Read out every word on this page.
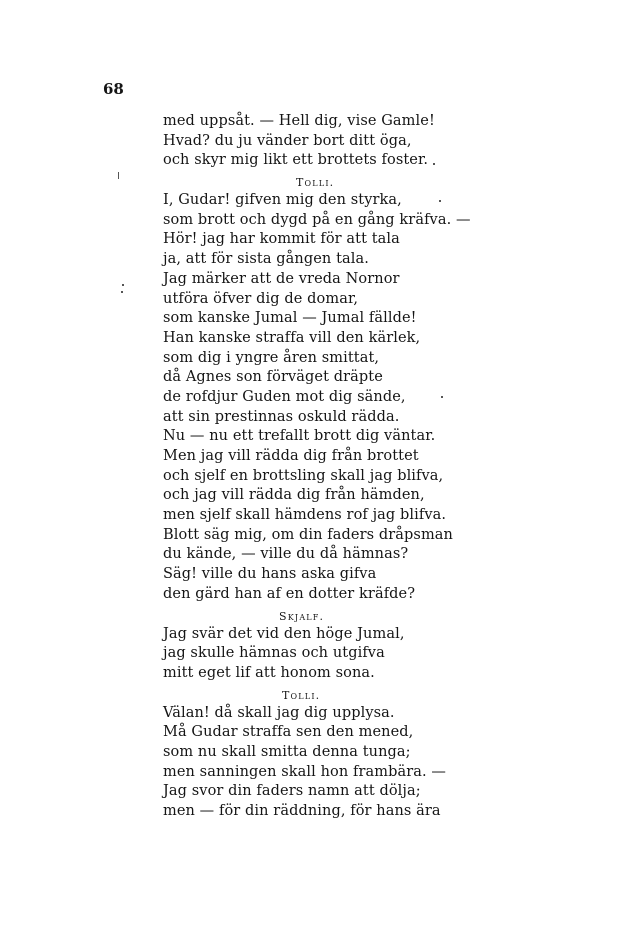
68
med uppsåt. — Hell dig, vise Gamle!
Hvad? du ju vänder bort ditt öga,
och skyr mig likt ett brottets foster.
Tolli.
I, Gudar! gifven mig den styrka,
som brott och dygd på en gång kräfva. —
Hör! jag har kommit för att tala
ja, att för sista gången tala.
Jag märker att de vreda Nornor
utföra öfver dig de domar,
som kanske Jumal — Jumal fällde!
Han kanske straffa vill den kärlek,
som dig i yngre åren smittat,
då Agnes son förväget dräpte
de rofdjur Guden mot dig sände,
att sin prestinnas oskuld rädda.
Nu — nu ett trefallt brott dig väntar.
Men jag vill rädda dig från brottet
och sjelf en brottsling skall jag blifva,
och jag vill rädda dig från hämden,
men sjelf skall hämdens rof jag blifva.
Blott säg mig, om din faders dråpsman
du kände, — ville du då hämnas?
Säg! ville du hans aska gifva
den gärd han af en dotter kräfde?
Skjalf.
Jag svär det vid den höge Jumal,
jag skulle hämnas och utgifva
mitt eget lif att honom sona.
Tolli.
Välan! då skall jag dig upplysa.
Må Gudar straffa sen den mened,
som nu skall smitta denna tunga;
men sanningen skall hon frambära. —
Jag svor din faders namn att dölja;
men — för din räddning, för hans ära
